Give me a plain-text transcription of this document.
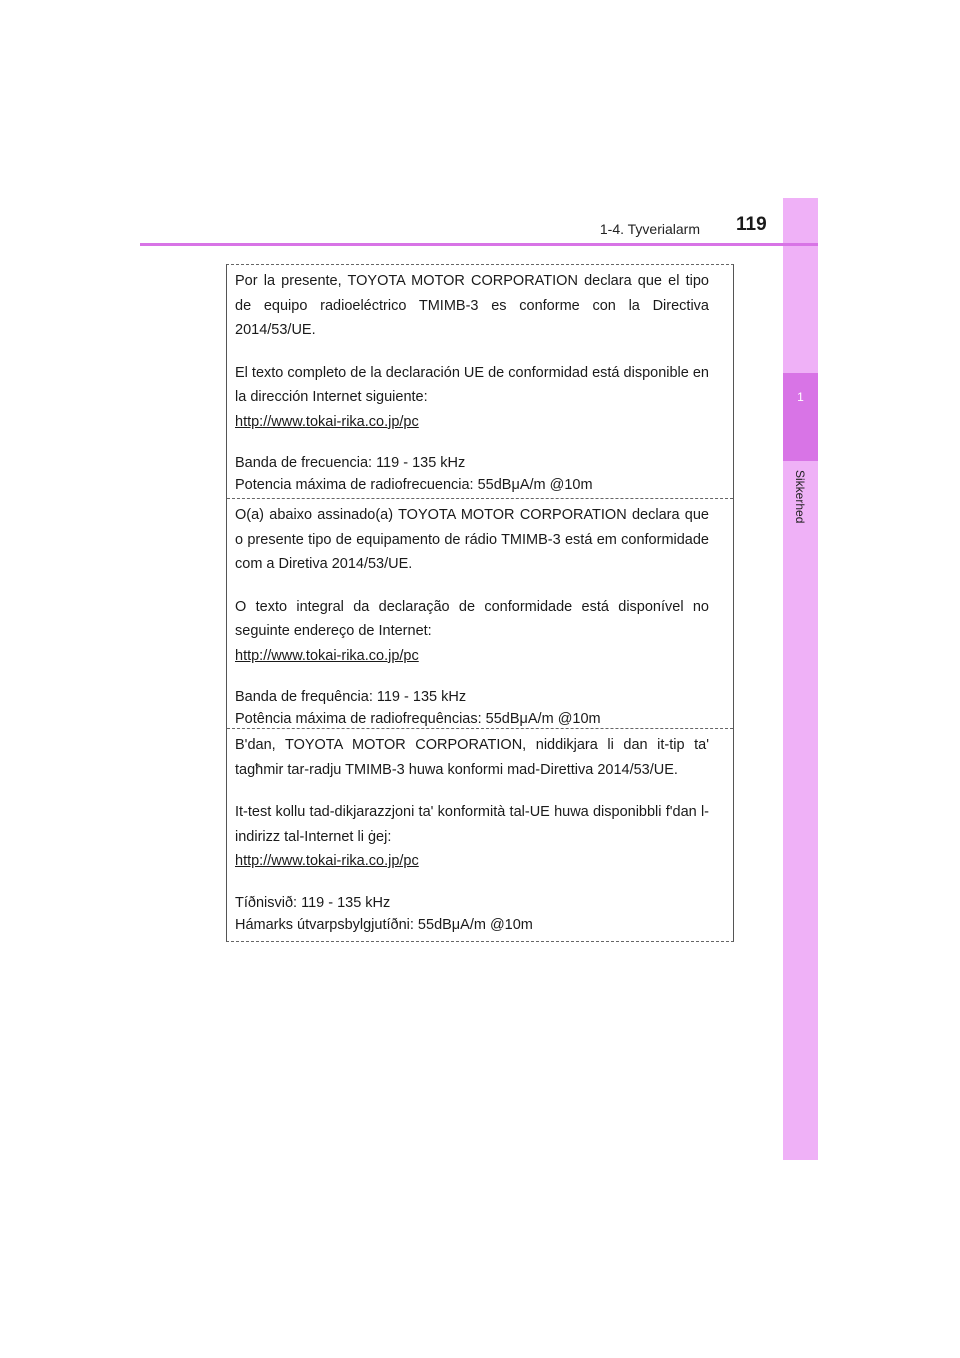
1
Sikkerhed
1-4. Tyverialarm 119

Por la presente, TOYOTA MOTOR CORPORATION declara que el tipo de equipo radioeléctrico TMIMB-3 es conforme con la Directiva 2014/53/UE.

El texto completo de la declaración UE de conformidad está disponible en la dirección Internet siguiente:

http://www.tokai-rika.co.jp/pc

Banda de frecuencia: 119 - 135 kHz

Potencia máxima de radiofrecuencia: 55dBμA/m @10m

O(a) abaixo assinado(a) TOYOTA MOTOR CORPORATION declara que o presente tipo de equipamento de rádio TMIMB-3 está em conformidade com a Diretiva 2014/53/UE.

O texto integral da declaração de conformidade está disponível no seguinte endereço de Internet:

http://www.tokai-rika.co.jp/pc

Banda de frequência: 119 - 135 kHz

Potência máxima de radiofrequências: 55dBμA/m @10m

B'dan, TOYOTA MOTOR CORPORATION, niddikjara li dan it-tip ta' tagħmir tar-radju TMIMB-3 huwa konformi mad-Direttiva 2014/53/UE.

It-test kollu tad-dikjarazzjoni ta' konformità tal-UE huwa disponibbli f'dan l-indirizz tal-Internet li ġej:

http://www.tokai-rika.co.jp/pc

Tíðnisvið: 119 - 135 kHz

Hámarks útvarpsbylgjutíðni: 55dBμA/m @10m
